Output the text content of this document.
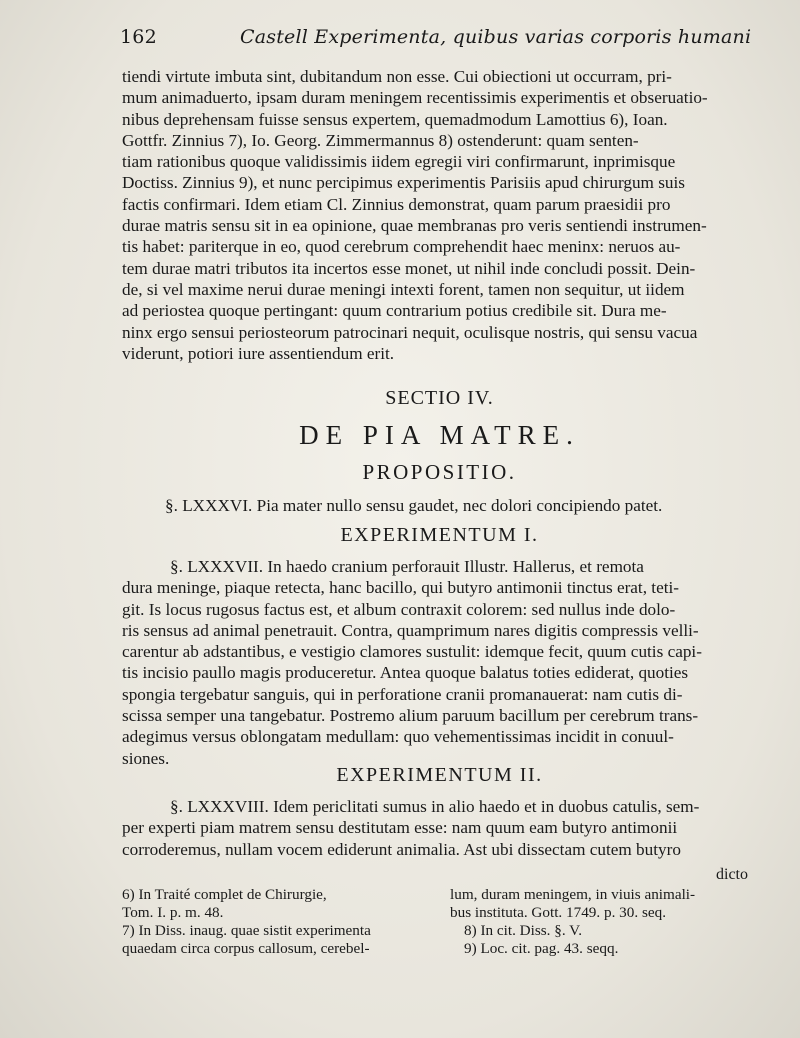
162	Castell Experimenta, quibus varias corporis humani
tiendi virtute imbuta sint, dubitandum non esse. Cui obiectioni ut occurram, pri-
mum animaduerto, ipsam duram meningem recentissimis experimentis et obseruatio-
nibus deprehensam fuisse sensus expertem, quemadmodum Lamottius 6), Ioan.
Gottfr. Zinnius 7), Io. Georg. Zimmermannus 8) ostenderunt: quam senten-
tiam rationibus quoque validissimis iidem egregii viri confirmarunt, inprimisque
Doctiss. Zinnius 9), et nunc percipimus experimentis Parisiis apud chirurgum suis
factis confirmari. Idem etiam Cl. Zinnius demonstrat, quam parum praesidii pro
durae matris sensu sit in ea opinione, quae membranas pro veris sentiendi instrumen-
tis habet: pariterque in eo, quod cerebrum comprehendit haec meninx: neruos au-
tem durae matri tributos ita incertos esse monet, ut nihil inde concludi possit. Dein-
de, si vel maxime nerui durae meningi intexti forent, tamen non sequitur, ut iidem
ad periostea quoque pertingant: quum contrarium potius credibile sit. Dura me-
ninx ergo sensui periosteorum patrocinari nequit, oculisque nostris, qui sensu vacua
viderunt, potiori iure assentiendum erit.
SECTIO IV.
DE PIA MATRE.
PROPOSITIO.
§. LXXXVI. Pia mater nullo sensu gaudet, nec dolori concipiendo patet.
EXPERIMENTUM I.
§. LXXXVII. In haedo cranium perforauit Illustr. Hallerus, et remota
dura meninge, piaque retecta, hanc bacillo, qui butyro antimonii tinctus erat, teti-
git. Is locus rugosus factus est, et album contraxit colorem: sed nullus inde dolo-
ris sensus ad animal penetrauit. Contra, quamprimum nares digitis compressis velli-
carentur ab adstantibus, e vestigio clamores sustulit: idemque fecit, quum cutis capi-
tis incisio paullo magis produceretur. Antea quoque balatus toties ediderat, quoties
spongia tergebatur sanguis, qui in perforatione cranii promanauerat: nam cutis di-
scissa semper una tangebatur. Postremo alium paruum bacillum per cerebrum trans-
adegimus versus oblongatam medullam: quo vehementissimas incidit in conuul-
siones.
EXPERIMENTUM II.
§. LXXXVIII. Idem periclitati sumus in alio haedo et in duobus catulis, sem-
per experti piam matrem sensu destitutam esse: nam quum eam butyro antimonii
corroderemus, nullam vocem ediderunt animalia. Ast ubi dissectam cutem butyro
dicto
6) In Traité complet de Chirurgie,
Tom. I. p. m. 48.
7) In Diss. inaug. quae sistit experimenta
quaedam circa corpus callosum, cerebel-
lum, duram meningem, in viuis animali-
bus instituta. Gott. 1749. p. 30. seq.
8) In cit. Diss. §. V.
9) Loc. cit. pag. 43. seqq.
